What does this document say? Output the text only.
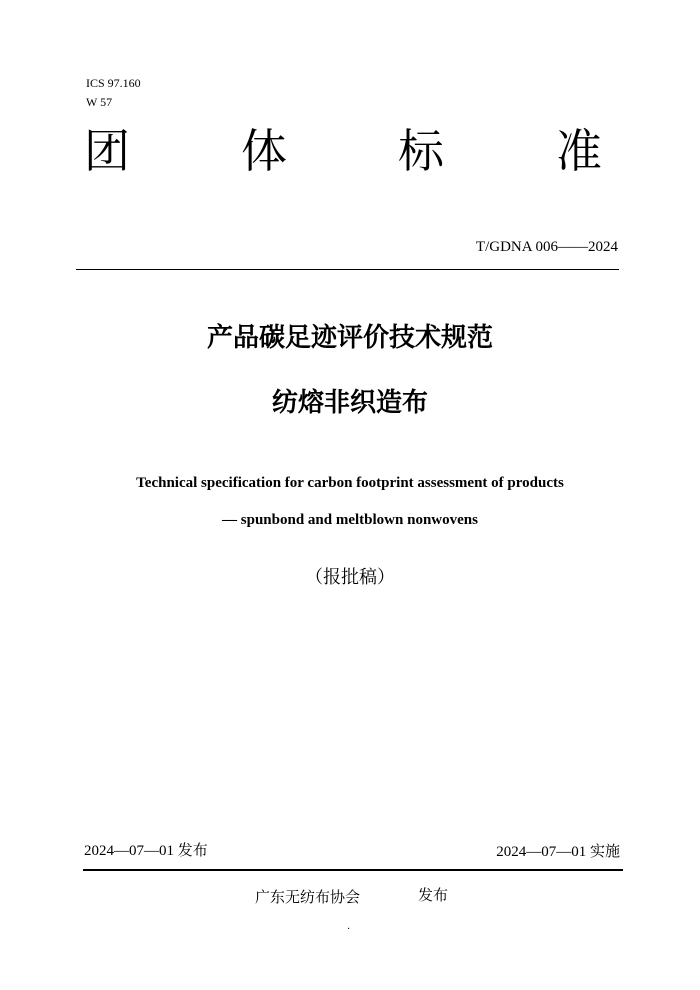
ICS 97.160
W 57
团 体 标 准
T/GDNA 006——2024
产品碳足迹评价技术规范
纺熔非织造布
Technical specification for carbon footprint assessment of products
— spunbond and meltblown nonwovens
（报批稿）
2024—07—01 发布	2024—07—01 实施
广东无纺布协会	发布
.
